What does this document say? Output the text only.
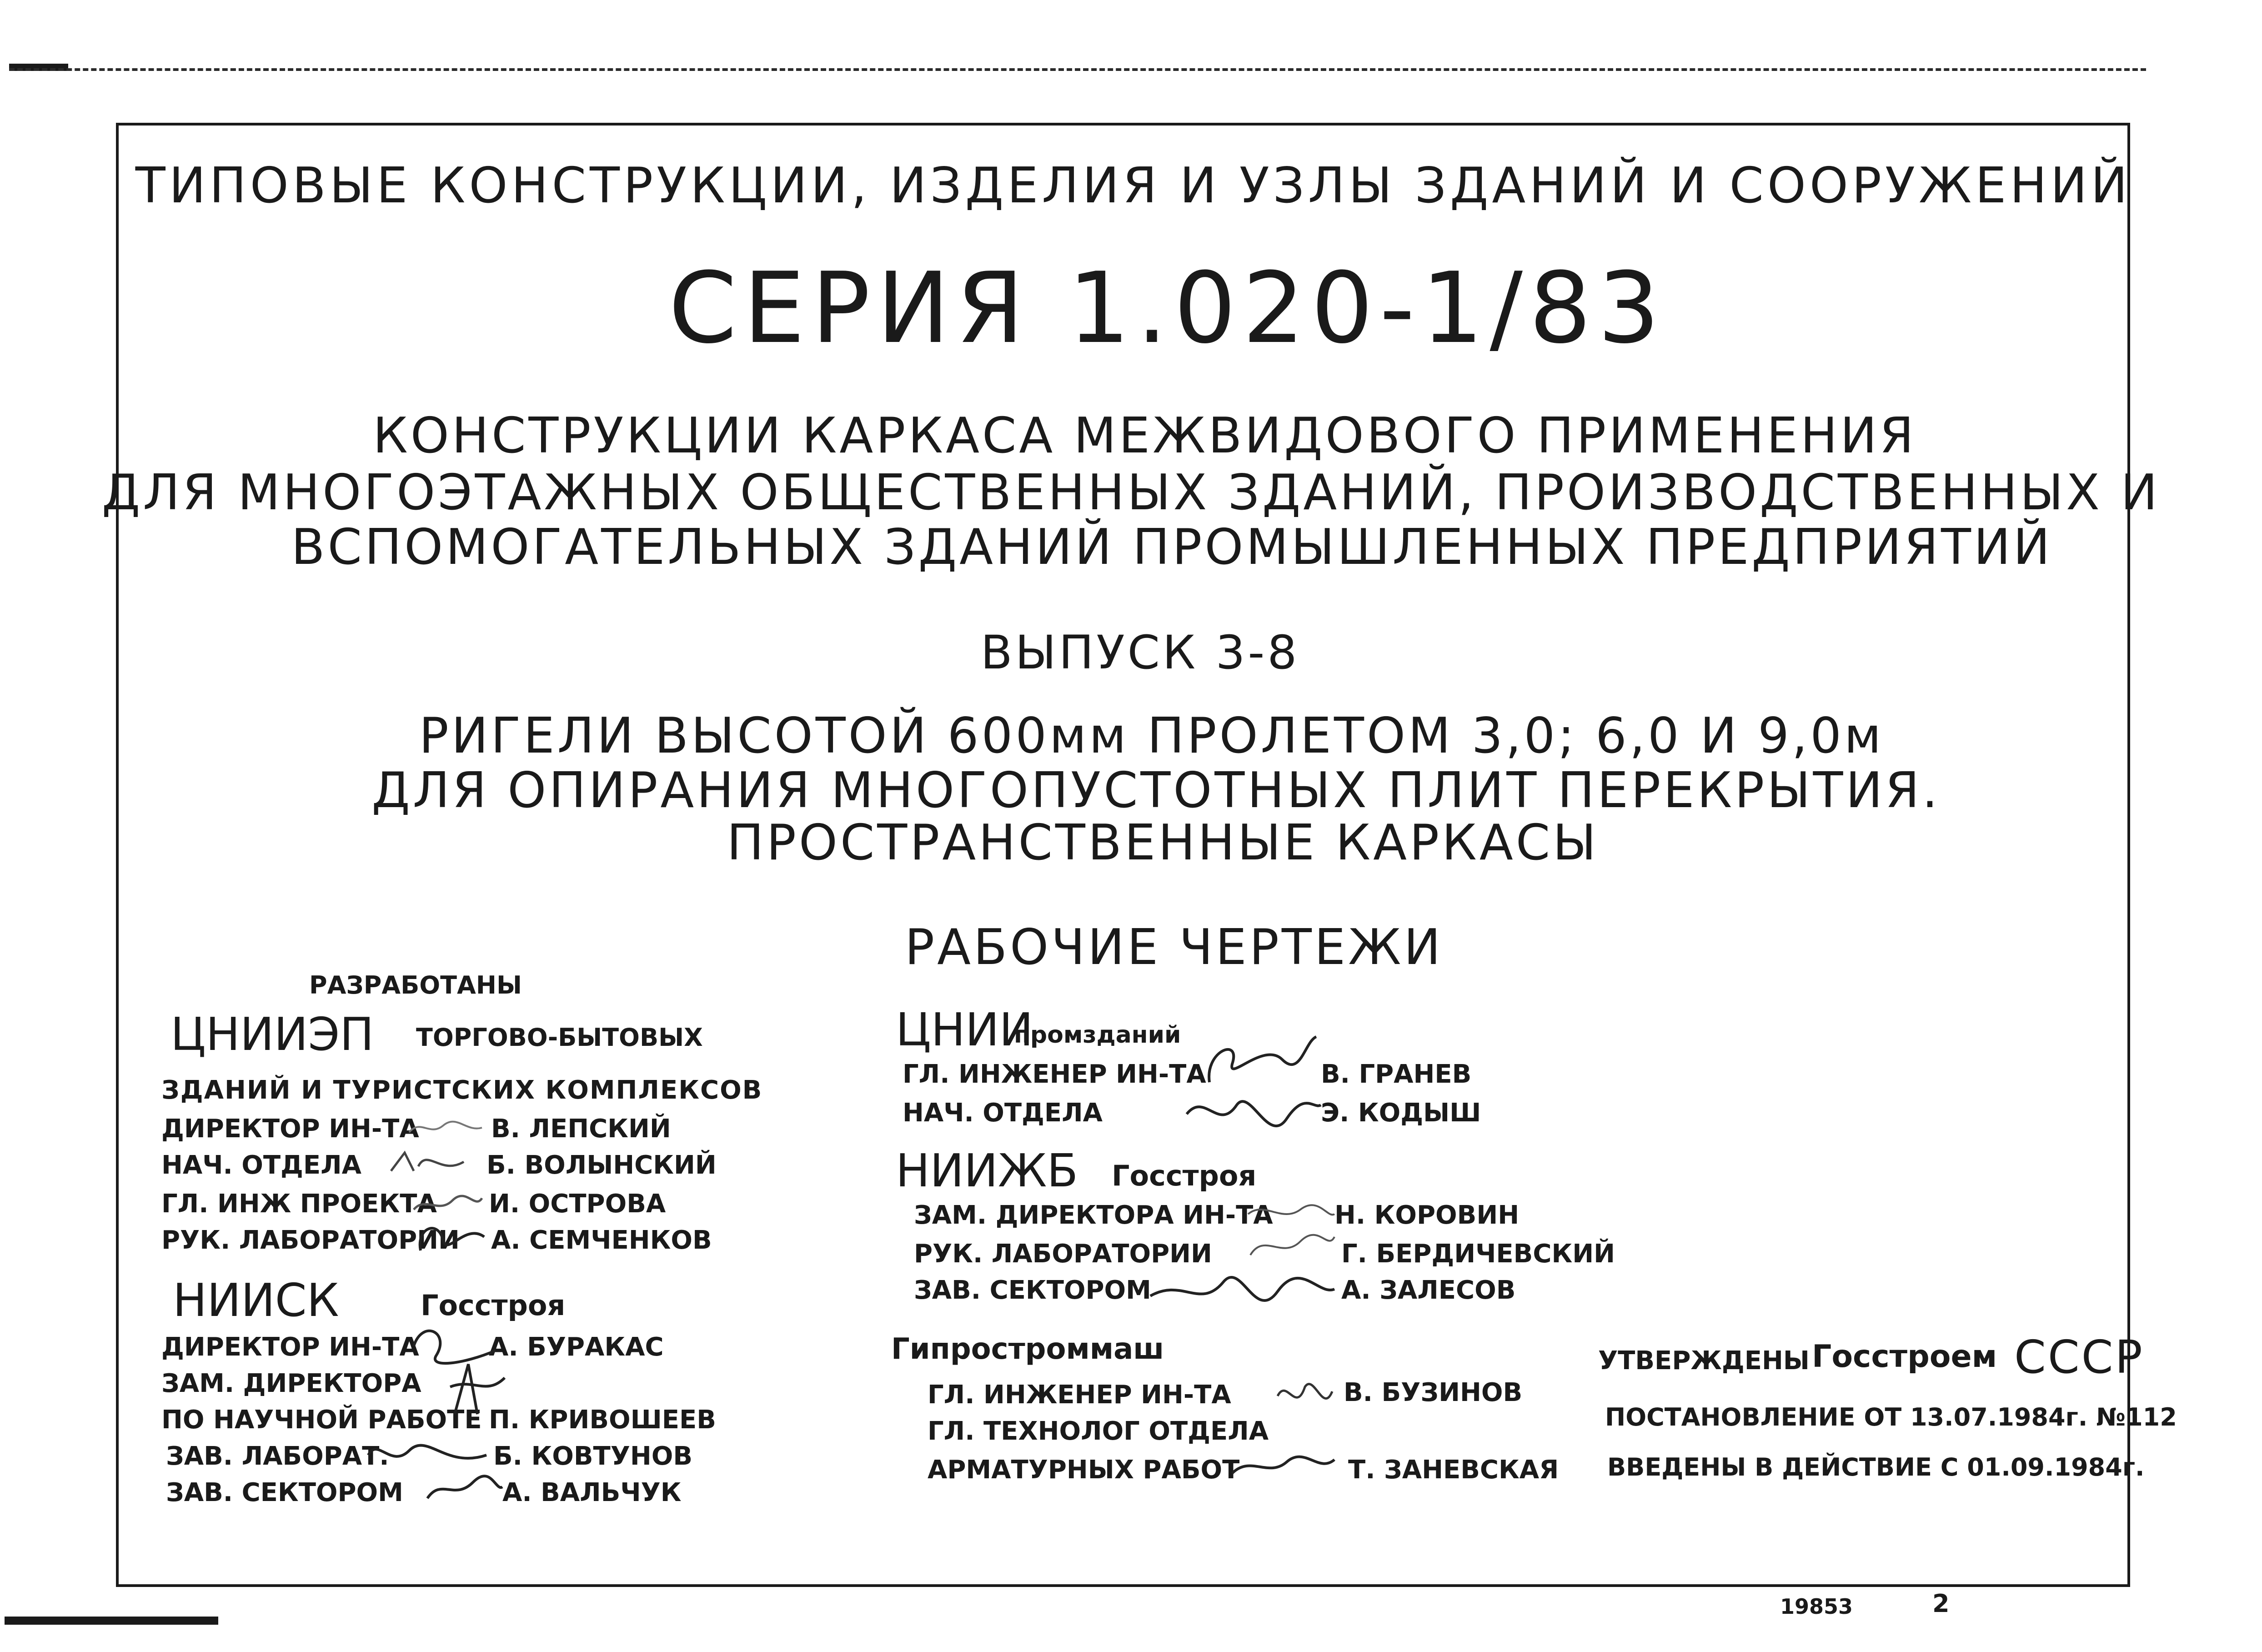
ТИПОВЫЕ КОНСТРУКЦИИ, ИЗДЕЛИЯ И УЗЛЫ ЗДАНИЙ И СООРУЖЕНИЙ
СЕРИЯ 1.020-1/83
КОНСТРУКЦИИ КАРКАСА МЕЖВИДОВОГО ПРИМЕНЕНИЯ
ДЛЯ МНОГОЭТАЖНЫХ ОБЩЕСТВЕННЫХ ЗДАНИЙ, ПРОИЗВОДСТВЕННЫХ И
ВСПОМОГАТЕЛЬНЫХ ЗДАНИЙ ПРОМЫШЛЕННЫХ ПРЕДПРИЯТИЙ
ВЫПУСК 3-8
РИГЕЛИ ВЫСОТОЙ 600мм ПРОЛЕТОМ 3,0; 6,0 И 9,0м
ДЛЯ ОПИРАНИЯ МНОГОПУСТОТНЫХ ПЛИТ ПЕРЕКРЫТИЯ.
ПРОСТРАНСТВЕННЫЕ КАРКАСЫ
РАБОЧИЕ ЧЕРТЕЖИ
РАЗРАБОТАНЫ
ЦНИИЭП ТОРГОВО-БЫТОВЫХ
ЗДАНИЙ И ТУРИСТСКИХ КОМПЛЕКСОВ
ДИРЕКТОР ИН-ТА	В. ЛЕПСКИЙ
НАЧ. ОТДЕЛА	Б. ВОЛЫНСКИЙ
ГЛ. ИНЖ ПРОЕКТА И. ОСТРОВА
РУК. ЛАБОРАТОРИИ А. СЕМЧЕНКОВ
НИИСК	Госстроя
ДИРЕКТОР ИН-ТА	А. БУРАКАС
ЗАМ. ДИРЕКТОРА
ПО НАУЧНОЙ РАБОТЕ П. КРИВОШЕЕВ
ЗАВ. ЛАБОРАТ.	Б. КОВТУНОВ
ЗАВ. СЕКТОРОМ	А. ВАЛЬЧУК
ЦНИИ
промзданий
ГЛ. ИНЖЕНЕР ИН-ТА	В. ГРАНЕВ
НАЧ. ОТДЕЛА	Э. КОДЫШ
НИИЖБ Госстроя
ЗАМ. ДИРЕКТОРА ИН-ТА Н. КОРОВИН
РУК. ЛАБОРАТОРИИ	Г. БЕРДИЧЕВСКИЙ
ЗАВ. СЕКТОРОМ	А. ЗАЛЕСОВ
Гипростроммаш
ГЛ. ИНЖЕНЕР ИН-ТА	В. БУЗИНОВ
ГЛ. ТЕХНОЛОГ ОТДЕЛА
АРМАТУРНЫХ РАБОТ	Т. ЗАНЕВСКАЯ
УТВЕРЖДЕНЫ Госстроем СССР
ПОСТАНОВЛЕНИЕ ОТ 13.07.1984г. №112
ВВЕДЕНЫ В ДЕЙСТВИЕ С 01.09.1984г.
19853	2
